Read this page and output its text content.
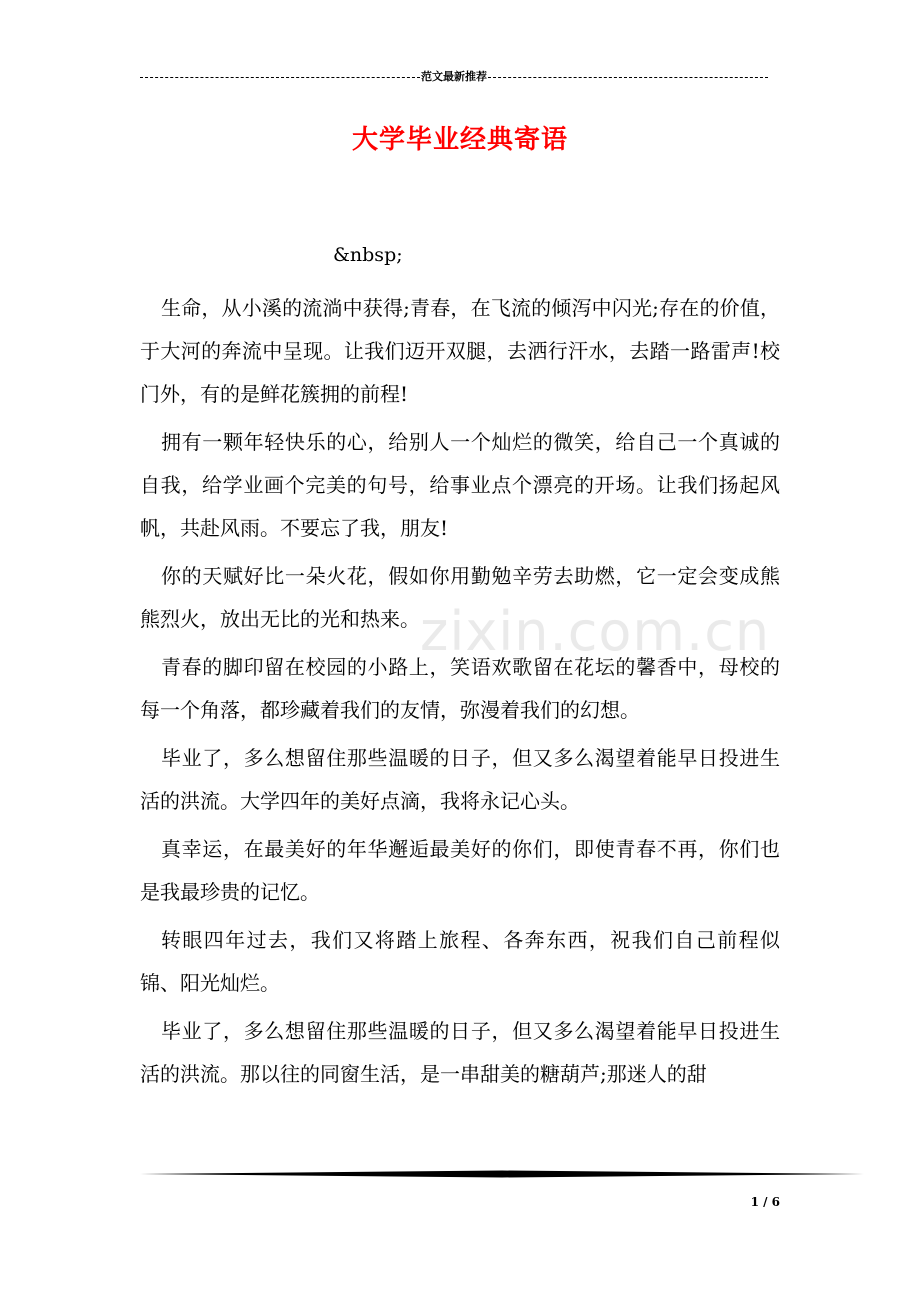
范文最新推荐
大学毕业经典寄语
&nbsp;

生命，从小溪的流淌中获得;青春，在飞流的倾泻中闪光;存在的价值，于大河的奔流中呈现。让我们迈开双腿，去洒行汗水，去踏一路雷声!校门外，有的是鲜花簇拥的前程!

拥有一颗年轻快乐的心，给别人一个灿烂的微笑，给自己一个真诚的自我，给学业画个完美的句号，给事业点个漂亮的开场。让我们扬起风帆，共赴风雨。不要忘了我，朋友!

你的天赋好比一朵火花，假如你用勤勉辛劳去助燃，它一定会变成熊熊烈火，放出无比的光和热来。

青春的脚印留在校园的小路上，笑语欢歌留在花坛的馨香中，母校的每一个角落，都珍藏着我们的友情，弥漫着我们的幻想。

毕业了，多么想留住那些温暖的日子，但又多么渴望着能早日投进生活的洪流。大学四年的美好点滴，我将永记心头。

真幸运，在最美好的年华邂逅最美好的你们，即使青春不再，你们也是我最珍贵的记忆。

转眼四年过去，我们又将踏上旅程、各奔东西，祝我们自己前程似锦、阳光灿烂。

毕业了，多么想留住那些温暖的日子，但又多么渴望着能早日投进生活的洪流。那以往的同窗生活，是一串甜美的糖葫芦;那迷人的甜

zixin.com.cn
1 / 6
